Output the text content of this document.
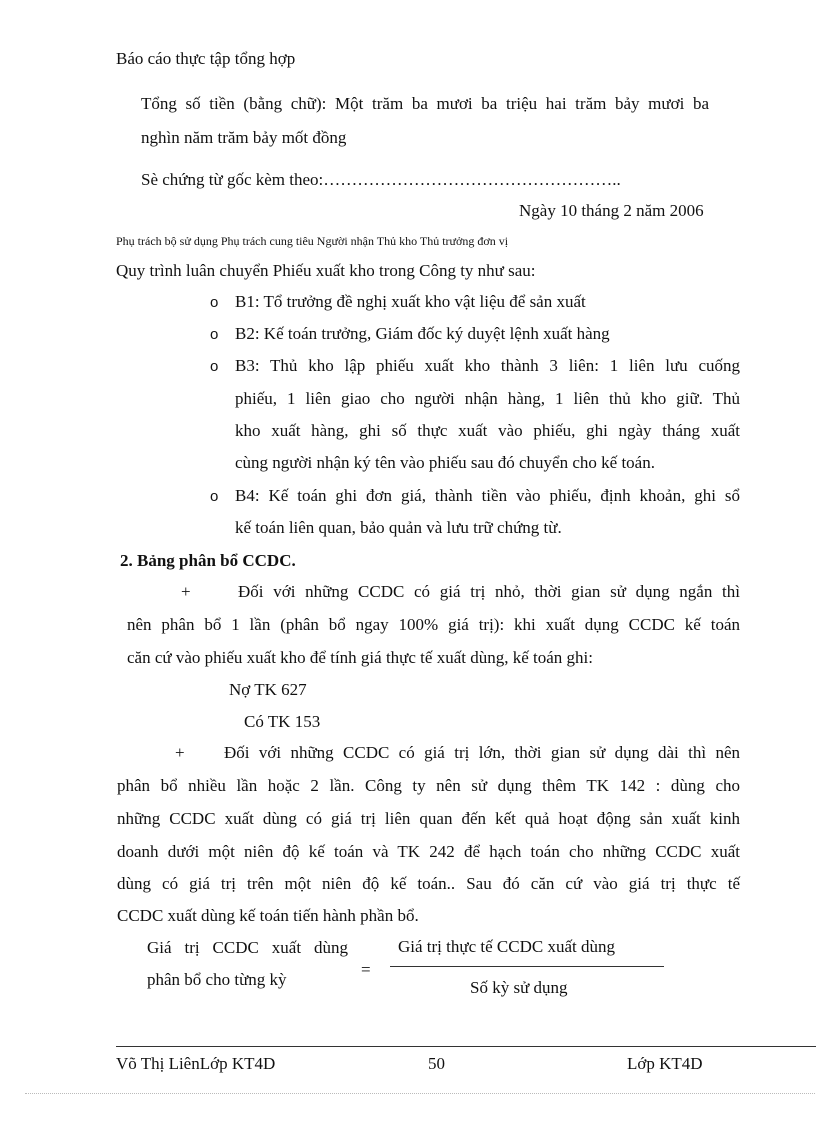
Báo cáo thực tập tổng hợp
Tổng số tiền (bằng chữ): Một trăm ba mươi ba triệu hai trăm bảy mươi ba
nghìn năm trăm bảy mốt đồng
Sè chứng từ gốc kèm theo:……………………………………………..
Ngày 10 tháng 2 năm 2006
Phụ trách bộ sử dụng Phụ trách cung tiêu Người nhận Thủ kho Thủ trưởng đơn vị
Quy trình luân chuyển Phiếu xuất kho trong Công ty như sau:
o B1: Tổ trưởng đề nghị xuất kho vật liệu để sản xuất
o B2: Kế toán trưởng, Giám đốc ký duyệt lệnh xuất hàng
o B3: Thủ kho lập phiếu xuất kho thành 3 liên: 1 liên lưu cuống
phiếu, 1 liên giao cho người nhận hàng, 1 liên thủ kho giữ. Thủ
kho xuất hàng, ghi số thực xuất vào phiếu, ghi ngày tháng xuất
cùng người nhận ký tên vào phiếu sau đó chuyển cho kế toán.
o B4: Kế toán ghi đơn giá, thành tiền vào phiếu, định khoản, ghi sổ
kế toán liên quan, bảo quản và lưu trữ chứng từ.
2. Bảng phân bổ CCDC.
+	Đối với những CCDC có giá trị nhỏ, thời gian sử dụng ngắn thì
nên phân bổ 1 lần (phân bổ ngay 100% giá trị): khi xuất dụng CCDC kế toán
căn cứ vào phiếu xuất kho để tính giá thực tế xuất dùng, kế toán ghi:
Nợ TK 627
Có TK 153
+ Đối với những CCDC có giá trị lớn, thời gian sử dụng dài thì nên
phân bổ nhiều lần hoặc 2 lần. Công ty nên sử dụng thêm TK 142 : dùng cho
những CCDC xuất dùng có giá trị liên quan đến kết quả hoạt động sản xuất kinh
doanh dưới một niên độ kế toán và TK 242 để hạch toán cho những CCDC xuất
dùng có giá trị trên một niên độ kế toán.. Sau đó căn cứ vào giá trị thực tế
CCDC xuất dùng kế toán tiến hành phần bổ.
Giá trị CCDC xuất dùng
phân bổ cho từng kỳ
=
Giá trị thực tế CCDC xuất dùng
Số kỳ sử dụng
Võ Thị LiênLớp KT4D	50	Lớp KT4D
